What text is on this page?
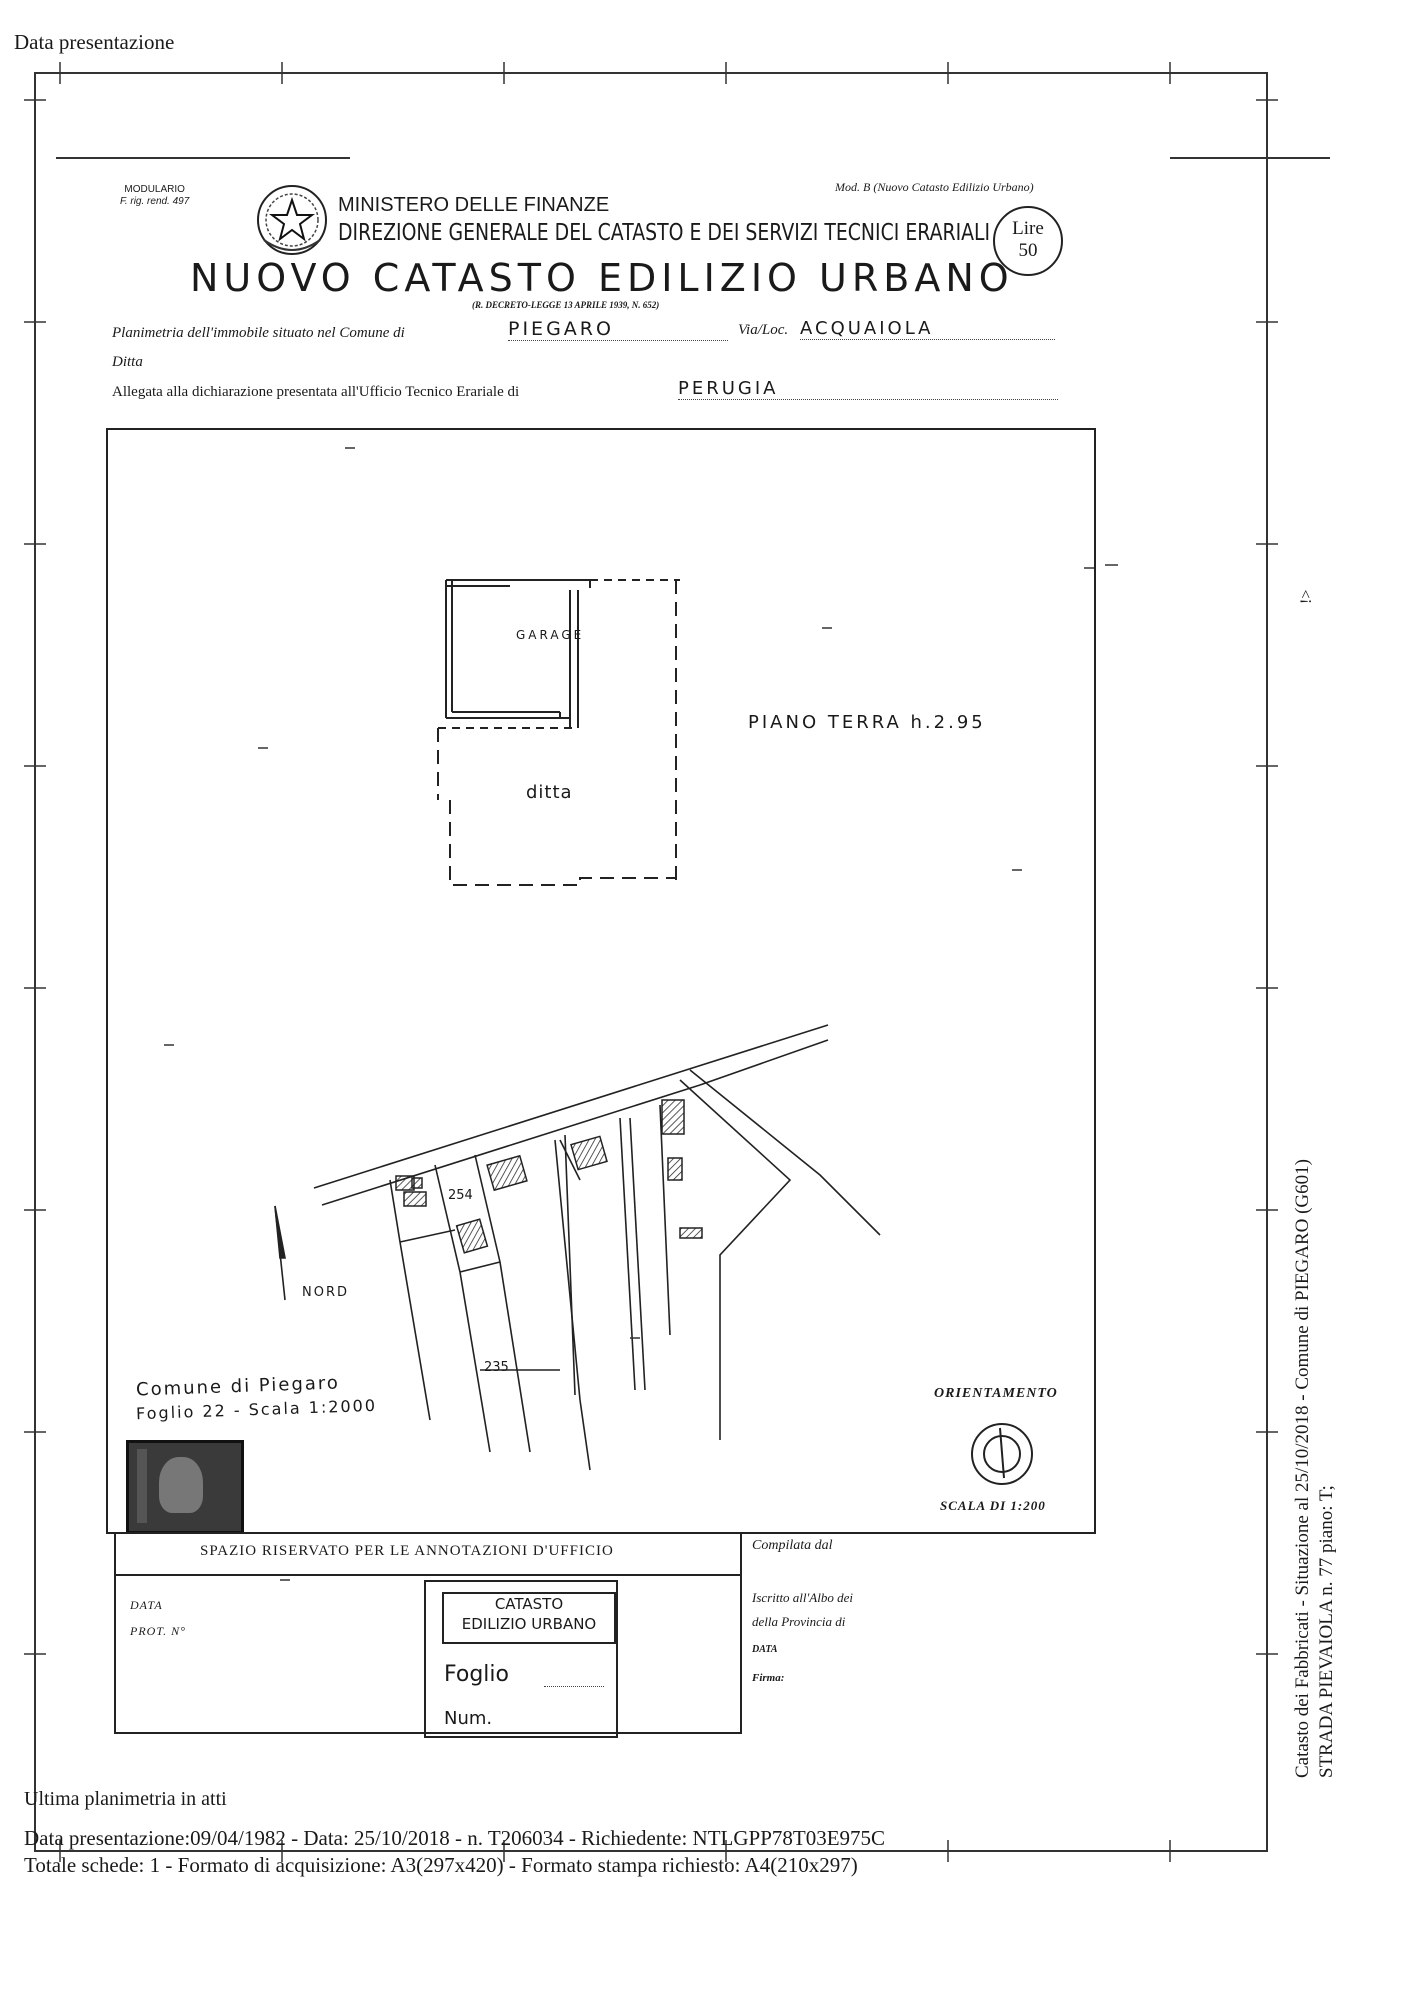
Data presentazione
MODULARIO
F. rig. rend. 497	MINISTERO DELLE FINANZE
DIREZIONE GENERALE DEL CATASTO E DEI SERVIZI TECNICI ERARIALI
Mod. B (Nuovo Catasto Edilizio Urbano)
Lire
50
NUOVO CATASTO EDILIZIO URBANO
(R. DECRETO-LEGGE 13 APRILE 1939, N. 652)
Planimetria dell'immobile situato nel Comune di	PIEGARO	Via/Loc. ACQUAIOLA
Ditta
Allegata alla dichiarazione presentata all'Ufficio Tecnico Erariale di	PERUGIA
GARAGE
ditta
PIANO TERRA h.2.95
254
235
NORD
Comune di Piegaro
Foglio 22 - Scala 1:2000
ORIENTAMENTO
SCALA DI 1:200
SPAZIO RISERVATO PER LE ANNOTAZIONI D'UFFICIO
DATA
PROT. N°
CATASTO
EDILIZIO URBANO
Foglio
Num.
Compilata dal
Iscritto all'Albo dei
della Provincia di
DATA
Firma:	Catasto dei Fabbricati - Situazione al 25/10/2018 - Comune di PIEGARO (G601) STRADA PIEVAIOLA n. 77 piano: T;
!>
Ultima planimetria in atti
Data presentazione:09/04/1982 - Data: 25/10/2018 - n. T206034 - Richiedente: NTLGPP78T03E975C
Totale schede: 1 - Formato di acquisizione: A3(297x420) - Formato stampa richiesto: A4(210x297)
